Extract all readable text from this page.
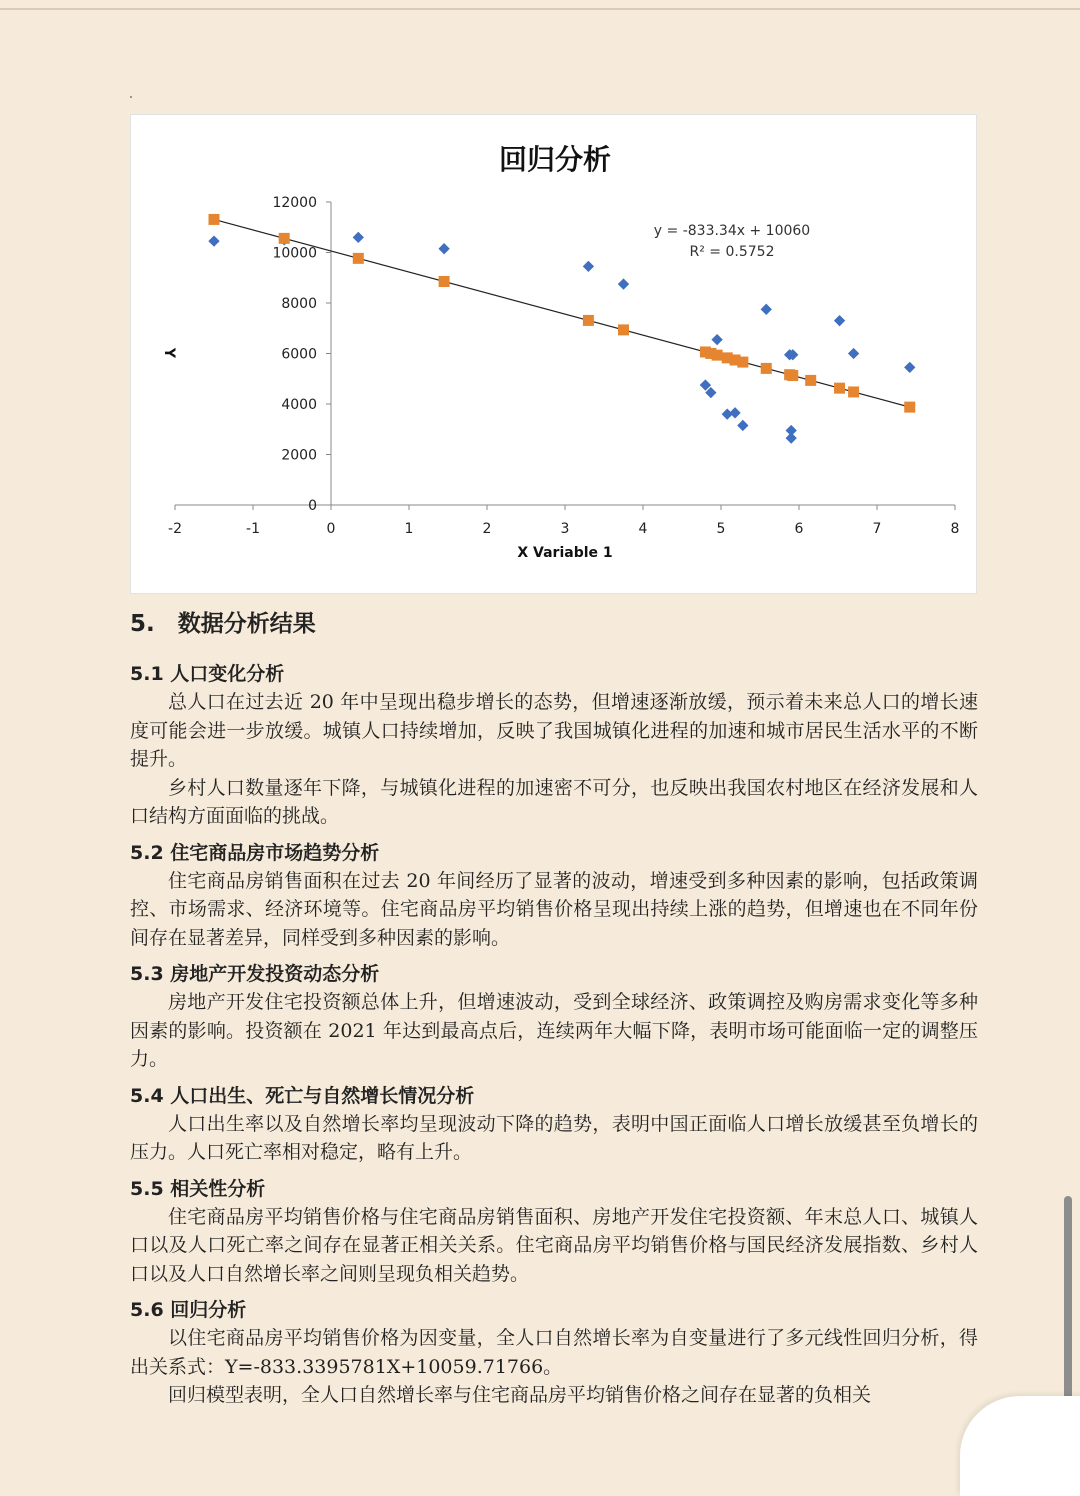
回归分析
0
2000
4000
6000
8000
10000
12000
-2	-1	0	1	2	3	4	5	6	7	8
y = -833.34x + 10060
R² = 0.5752
X Variable 1
Y
5.　数据分析结果
5.1 人口变化分析

总人口在过去近 20 年中呈现出稳步增长的态势，但增速逐渐放缓，预示着未来总人口的增长速度可能会进一步放缓。城镇人口持续增加，反映了我国城镇化进程的加速和城市居民生活水平的不断提升。

乡村人口数量逐年下降，与城镇化进程的加速密不可分，也反映出我国农村地区在经济发展和人口结构方面面临的挑战。

5.2 住宅商品房市场趋势分析

住宅商品房销售面积在过去 20 年间经历了显著的波动，增速受到多种因素的影响，包括政策调控、市场需求、经济环境等。住宅商品房平均销售价格呈现出持续上涨的趋势，但增速也在不同年份间存在显著差异，同样受到多种因素的影响。

5.3 房地产开发投资动态分析

房地产开发住宅投资额总体上升，但增速波动，受到全球经济、政策调控及购房需求变化等多种因素的影响。投资额在 2021 年达到最高点后，连续两年大幅下降，表明市场可能面临一定的调整压力。

5.4 人口出生、死亡与自然增长情况分析

人口出生率以及自然增长率均呈现波动下降的趋势，表明中国正面临人口增长放缓甚至负增长的压力。人口死亡率相对稳定，略有上升。

5.5 相关性分析

住宅商品房平均销售价格与住宅商品房销售面积、房地产开发住宅投资额、年末总人口、城镇人口以及人口死亡率之间存在显著正相关关系。住宅商品房平均销售价格与国民经济发展指数、乡村人口以及人口自然增长率之间则呈现负相关趋势。

5.6 回归分析

以住宅商品房平均销售价格为因变量，全人口自然增长率为自变量进行了多元线性回归分析，得出关系式：Y=-833.3395781X+10059.71766。

回归模型表明，全人口自然增长率与住宅商品房平均销售价格之间存在显著的负相关
